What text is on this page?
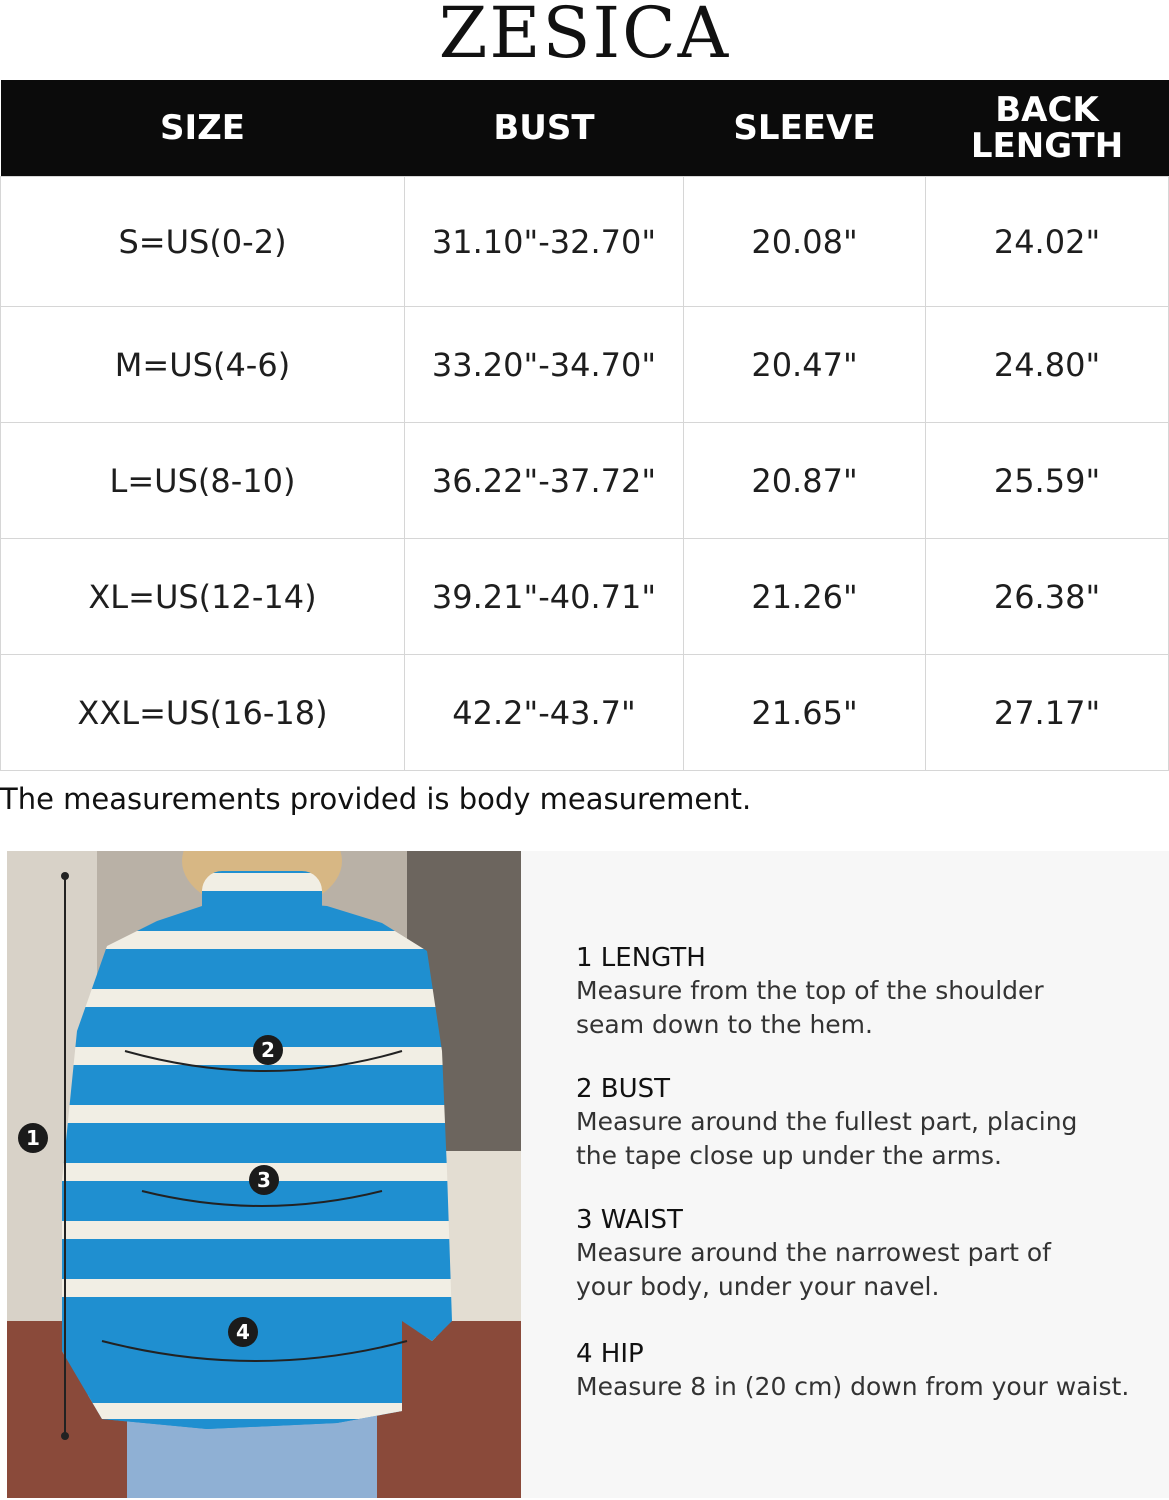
ZESICA
SIZE	BUST	SLEEVE	BACK LENGTH
S=US(0-2)	31.10"-32.70"	20.08"	24.02"
M=US(4-6)	33.20"-34.70"	20.47"	24.80"
L=US(8-10)	36.22"-37.72"	20.87"	25.59"
XL=US(12-14)	39.21"-40.71"	21.26"	26.38"
XXL=US(16-18)	42.2"-43.7"	21.65"	27.17"
The measurements provided is body measurement.
1
2
3
4
1 LENGTH
Measure from the top of the shoulder
seam down to the hem.
2 BUST
Measure around the fullest part, placing
the tape close up under the arms.
3 WAIST
Measure around the narrowest part of
your body, under your navel.
4 HIP
Measure 8 in (20 cm) down from your waist.
